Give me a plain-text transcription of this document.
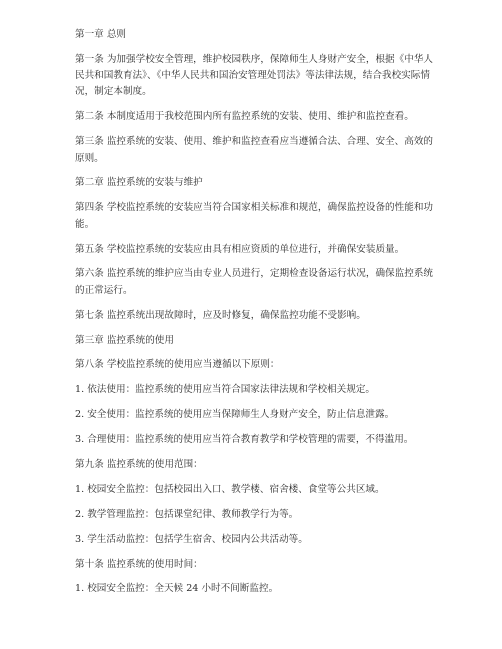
第一章 总则

第一条 为加强学校安全管理，维护校园秩序，保障师生人身财产安全，根据《中华人民共和国教育法》、《中华人民共和国治安管理处罚法》等法律法规，结合我校实际情况，制定本制度。

第二条 本制度适用于我校范围内所有监控系统的安装、使用、维护和监控查看。

第三条 监控系统的安装、使用、维护和监控查看应当遵循合法、合理、安全、高效的原则。

第二章 监控系统的安装与维护

第四条 学校监控系统的安装应当符合国家相关标准和规范，确保监控设备的性能和功能。

第五条 学校监控系统的安装应由具有相应资质的单位进行，并确保安装质量。

第六条 监控系统的维护应当由专业人员进行，定期检查设备运行状况，确保监控系统的正常运行。

第七条 监控系统出现故障时，应及时修复，确保监控功能不受影响。

第三章 监控系统的使用

第八条 学校监控系统的使用应当遵循以下原则：

1. 依法使用：监控系统的使用应当符合国家法律法规和学校相关规定。

2. 安全使用：监控系统的使用应当保障师生人身财产安全，防止信息泄露。

3. 合理使用：监控系统的使用应当符合教育教学和学校管理的需要，不得滥用。

第九条 监控系统的使用范围：

1. 校园安全监控：包括校园出入口、教学楼、宿舍楼、食堂等公共区域。

2. 教学管理监控：包括课堂纪律、教师教学行为等。

3. 学生活动监控：包括学生宿舍、校园内公共活动等。

第十条 监控系统的使用时间：

1. 校园安全监控：全天候 24 小时不间断监控。
